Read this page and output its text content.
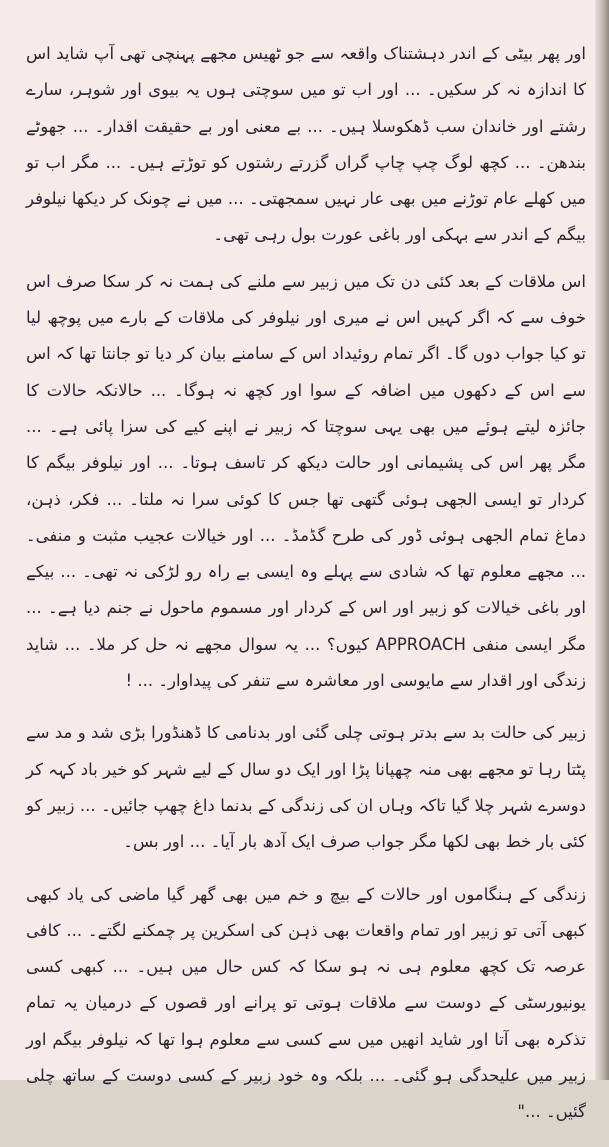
اور پھر بیٹی کے اندر دہشتناک واقعہ سے جو ٹھیس مجھے پہنچی تھی آپ شاید اس کا اندازہ نہ کر سکیں۔ ... اور اب تو میں سوچتی ہوں یہ بیوی اور شوہر، سارے رشتے اور خاندان سب ڈھکوسلا ہیں۔ ... بے معنی اور بے حقیقت اقدار۔ ... جھوٹے بندھن۔ ... کچھ لوگ چپ چاپ گراں گزرتے رشتوں کو توڑتے ہیں۔ ... مگر اب تو میں کھلے عام توڑنے میں بھی عار نہیں سمجھتی۔ ... میں نے چونک کر دیکھا نیلوفر بیگم کے اندر سے بہکی اور باغی عورت بول رہی تھی۔

اس ملاقات کے بعد کئی دن تک میں زبیر سے ملنے کی ہمت نہ کر سکا صرف اس خوف سے کہ اگر کہیں اس نے میری اور نیلوفر کی ملاقات کے بارے میں پوچھ لیا تو کیا جواب دوں گا۔ اگر تمام روئیداد اس کے سامنے بیان کر دیا تو جانتا تھا کہ اس سے اس کے دکھوں میں اضافہ کے سوا اور کچھ نہ ہوگا۔ ... حالانکہ حالات کا جائزہ لیتے ہوئے میں بھی یہی سوچتا کہ زبیر نے اپنے کیے کی سزا پائی ہے۔ ... مگر پھر اس کی پشیمانی اور حالت دیکھ کر تاسف ہوتا۔ ... اور نیلوفر بیگم کا کردار تو ایسی الجھی ہوئی گتھی تھا جس کا کوئی سرا نہ ملتا۔ ... فکر، ذہن، دماغ تمام الجھی ہوئی ڈور کی طرح گڈمڈ۔ ... اور خیالات عجیب مثبت و منفی۔ ... مجھے معلوم تھا کہ شادی سے پہلے وہ ایسی بے راہ رو لڑکی نہ تھی۔ ... بیکے اور باغی خیالات کو زبیر اور اس کے کردار اور مسموم ماحول نے جنم دیا ہے۔ ... مگر ایسی منفی APPROACH کیوں؟ ... یہ سوال مجھے نہ حل کر ملا۔ ... شاید زندگی اور اقدار سے مایوسی اور معاشرہ سے تنفر کی پیداوار۔ ... !

زبیر کی حالت بد سے بدتر ہوتی چلی گئی اور بدنامی کا ڈھنڈورا بڑی شد و مد سے پٹتا رہا تو مجھے بھی منہ چھپانا پڑا اور ایک دو سال کے لیے شہر کو خیر باد کہہ کر دوسرے شہر چلا گیا تاکہ وہاں ان کی زندگی کے بدنما داغ چھپ جائیں۔ ... زبیر کو کئی بار خط بھی لکھا مگر جواب صرف ایک آدھ بار آیا۔ ... اور بس۔

زندگی کے ہنگاموں اور حالات کے بیچ و خم میں بھی گھر گیا ماضی کی یاد کبھی کبھی آتی تو زبیر اور تمام واقعات بھی ذہن کی اسکرین پر چمکنے لگتے۔ ... کافی عرصہ تک کچھ معلوم ہی نہ ہو سکا کہ کس حال میں ہیں۔ ... کبھی کسی یونیورسٹی کے دوست سے ملاقات ہوتی تو پرانے اور قصوں کے درمیان یہ تمام تذکرہ بھی آتا اور شاید انھیں میں سے کسی سے معلوم ہوا تھا کہ نیلوفر بیگم اور زبیر میں علیحدگی ہو گئی۔ ... بلکہ وہ خود زبیر کے کسی دوست کے ساتھ چلی گئیں۔ ..."
